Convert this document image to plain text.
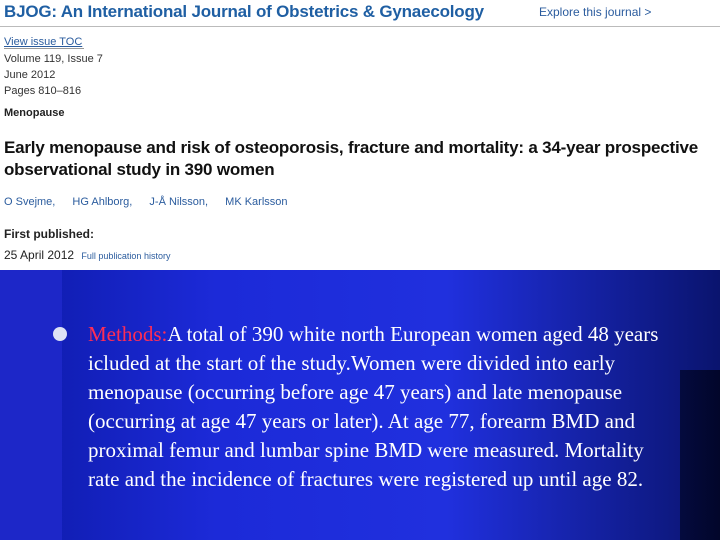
BJOG: An International Journal of Obstetrics & Gynaecology	Explore this journal >
View issue TOC
Volume 119, Issue 7
June 2012
Pages 810–816
Menopause
Early menopause and risk of osteoporosis, fracture and mortality: a 34-year prospective observational study in 390 women
O Svejme, HG Ahlborg, J-Å Nilsson, MK Karlsson
First published:
25 April 2012 Full publication history
Methods:A total of 390 white north European women aged 48 years icluded at the start of the study.Women were divided into early menopause (occurring before age 47 years) and late menopause (occurring at age 47 years or later). At age 77, forearm BMD and proximal femur and lumbar spine BMD were measured. Mortality rate and the incidence of fractures were registered up until age 82.
